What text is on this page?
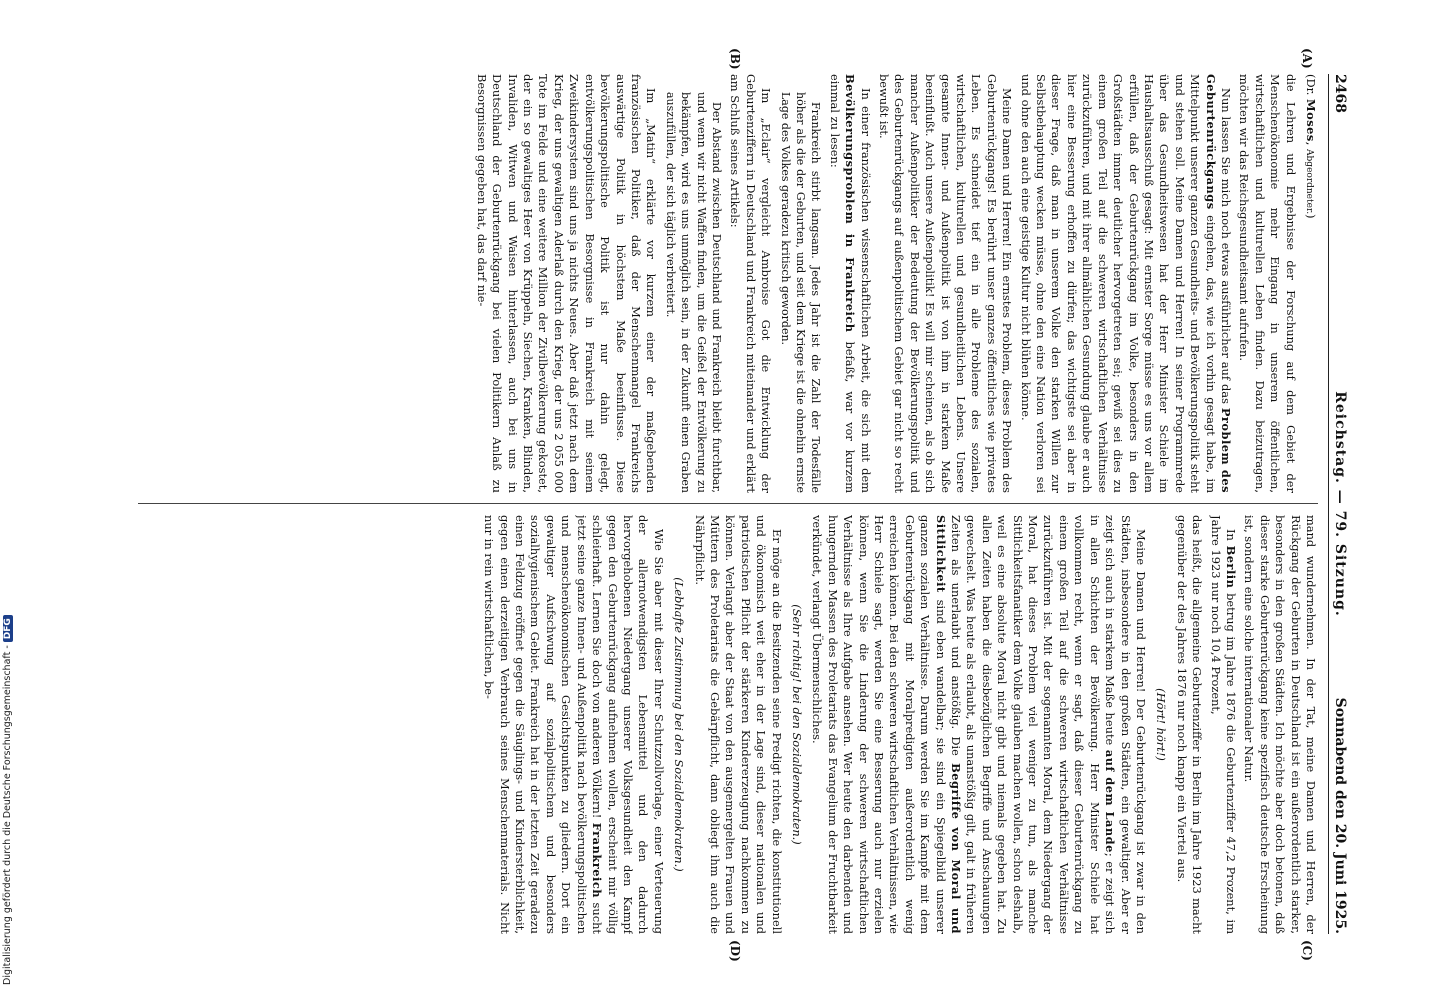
2468
Reichstag. — 79. Sitzung.
Sonnabend den 20. Juni 1925.
(A)
(B)
(C)
(D)

(Dr. Moses, Abgeordneter.)

die Lehren und Ergebnisse der Forschung auf dem Gebiet der Menschenökonomie mehr Eingang in unserem öffentlichen, wirtschaftlichen und kulturellen Leben finden. Dazu beizutragen, möchten wir das Reichsgesundheitsamt aufrufen.

Nun lassen Sie mich noch etwas ausführlicher auf das Problem des Geburtenrückgangs eingehen, das, wie ich vorhin gesagt habe, im Mittelpunkt unserer ganzen Gesundheits- und Bevölkerungspolitik steht und stehen soll. Meine Damen und Herren! In seiner Programmrede über das Gesundheitswesen hat der Herr Minister Schiele im Haushaltsausschuß gesagt: Mit ernster Sorge müsse es uns vor allem erfüllen, daß der Geburtenrückgang im Volke, besonders in den Großstädten immer deutlicher hervorgetreten sei; gewiß sei dies zu einem großen Teil auf die schweren wirtschaftlichen Verhältnisse zurückzuführen, und mit ihrer allmählichen Gesundung glaube er auch hier eine Besserung erhoffen zu dürfen; das wichtigste sei aber in dieser Frage, daß man in unserem Volke den starken Willen zur Selbstbehauptung wecken müsse, ohne den eine Nation verloren sei und ohne den auch eine geistige Kultur nicht blühen könne.

Meine Damen und Herren! Ein ernstes Problem, dieses Problem des Geburtenrückgangs! Es berührt unser ganzes öffentliches wie privates Leben. Es schneidet tief ein in alle Probleme des sozialen, wirtschaftlichen, kulturellen und gesundheitlichen Lebens. Unsere gesamte Innen- und Außenpolitik ist von ihm in starkem Maße beeinflußt. Auch unsere Außenpolitik! Es will mir scheinen, als ob sich mancher Außenpolitiker der Bedeutung der Bevölkerungspolitik und des Geburtenrückgangs auf außenpolitischem Gebiet gar nicht so recht bewußt ist.

In einer französischen wissenschaftlichen Arbeit, die sich mit dem Bevölkerungsproblem in Frankreich befaßt, war vor kurzem einmal zu lesen:

Frankreich stirbt langsam. Jedes Jahr ist die Zahl der Todesfälle höher als die der Geburten, und seit dem Kriege ist die ohnehin ernste Lage des Volkes geradezu kritisch geworden.

Im „Eclair“ vergleicht Ambroise Got die Entwicklung der Geburtenziffern in Deutschland und Frankreich miteinander und erklärt am Schluß seines Artikels:

Der Abstand zwischen Deutschland und Frankreich bleibt furchtbar, und wenn wir nicht Waffen finden, um die Geißel der Entvölkerung zu bekämpfen, wird es uns unmöglich sein, in der Zukunft einen Graben auszufüllen, der sich täglich verbreitert.

Im „Matin“ erklärte vor kurzem einer der maßgebenden französischen Politiker, daß der Menschenmangel Frankreichs auswärtige Politik in höchstem Maße beeinflusse. Diese bevölkerungspolitische Politik ist nur dahin gelegt, entvölkerungspolitischen Besorgnisse in Frankreich mit seinem Zweikindersystem sind uns ja nichts Neues. Aber daß jetzt nach dem Krieg, der uns gewaltigen Aderlaß durch den Krieg, der uns 2 055 000 Tote im Felde und eine weitere Million der Zivilbevölkerung gekostet, der ein so gewaltiges Heer von Krüppeln, Siechen, Kranken, Blinden, Invaliden, Witwen und Waisen hinterlassen, auch bei uns in Deutschland der Geburtenrückgang bei vielen Politikern Anlaß zu Besorgnissen gegeben hat, das darf nie-

mand wundernehmen. In der Tat, meine Damen und Herren, der Rückgang der Geburten in Deutschland ist ein außerordentlich starker, besonders in den großen Städten. Ich möchte aber doch betonen, daß dieser starke Geburtenrückgang keine spezifisch deutsche Erscheinung ist, sondern eine solche internationaler Natur.

In Berlin betrug im Jahre 1876 die Geburtenziffer 47,2 Prozent, im Jahre 1923 nur noch 10,4 Prozent,

das heißt, die allgemeine Geburtenziffer in Berlin im Jahre 1923 macht gegenüber der des Jahres 1876 nur noch knapp ein Viertel aus.

(Hört! hört!)

Meine Damen und Herren! Der Geburtenrückgang ist zwar in den Städten, insbesondere in den großen Städten, ein gewaltiger. Aber er zeigt sich auch in starkem Maße heute auf dem Lande; er zeigt sich in allen Schichten der Bevölkerung. Herr Minister Schiele hat vollkommen recht, wenn er sagt, daß dieser Geburtenrückgang zu einem großen Teil auf die schweren wirtschaftlichen Verhältnisse zurückzuführen ist. Mit der sogenannten Moral, dem Niedergang der Moral, hat dieses Problem viel weniger zu tun, als manche Sittlichkeitsfanatiker dem Volke glauben machen wollen, schon deshalb, weil es eine absolute Moral nicht gibt und niemals gegeben hat. Zu allen Zeiten haben die diesbezüglichen Begriffe und Anschauungen gewechselt. Was heute als erlaubt, als unanstößig gilt, galt in früheren Zeiten als unerlaubt und anstößig. Die Begriffe von Moral und Sittlichkeit sind eben wandelbar; sie sind ein Spiegelbild unserer ganzen sozialen Verhältnisse. Darum werden Sie im Kampfe mit dem Geburtenrückgang mit Moralpredigten außerordentlich wenig erreichen können. Bei den schweren wirtschaftlichen Verhältnissen, wie Herr Schiele sagt, werden Sie eine Besserung auch nur erzielen können, wenn Sie die Linderung der schweren wirtschaftlichen Verhältnisse als Ihre Aufgabe ansehen. Wer heute den darbenden und hungernden Massen des Proletariats das Evangelium der Fruchtbarkeit verkündet, verlangt Übermenschliches.

(Sehr richtig! bei den Sozialdemokraten.)

Er möge an die Besitzenden seine Predigt richten, die konstitutionell und ökonomisch weit eher in der Lage sind, dieser nationalen und patriotischen Pflicht der stärkeren Kindererzeugung nachkommen zu können. Verlangt aber der Staat von den ausgemergelten Frauen und Müttern des Proletariats die Gebärpflicht, dann obliegt ihm auch die Nährpflicht.

(Lebhafte Zustimmung bei den Sozialdemokraten.)

Wie Sie aber mit dieser Ihrer Schutzzollvorlage, einer Verteuerung der allernotwendigsten Lebensmittel und den dadurch hervorgehobenen Niedergang unserer Volksgesundheit den Kampf gegen den Geburtenrückgang aufnehmen wollen, erscheint mir völlig schleierhaft. Lernen Sie doch von anderen Völkern! Frankreich sucht jetzt seine ganze Innen- und Außenpolitik nach bevölkerungspolitischen und menschenökonomischen Gesichtspunkten zu gliedern. Dort ein gewaltiger Aufschwung auf sozialpolitischem und besonders sozialhygienischem Gebiet. Frankreich hat in der letzten Zeit geradezu einen Feldzug eröffnet gegen die Säuglings- und Kindersterblichkeit, gegen einen derzeitigen Verbrauch seines Menschenmaterials. Nicht nur in rein wirtschaftlichen, be-

Digitalisierung gefördert durch die Deutsche Forschungsgemeinschaft -DFG
